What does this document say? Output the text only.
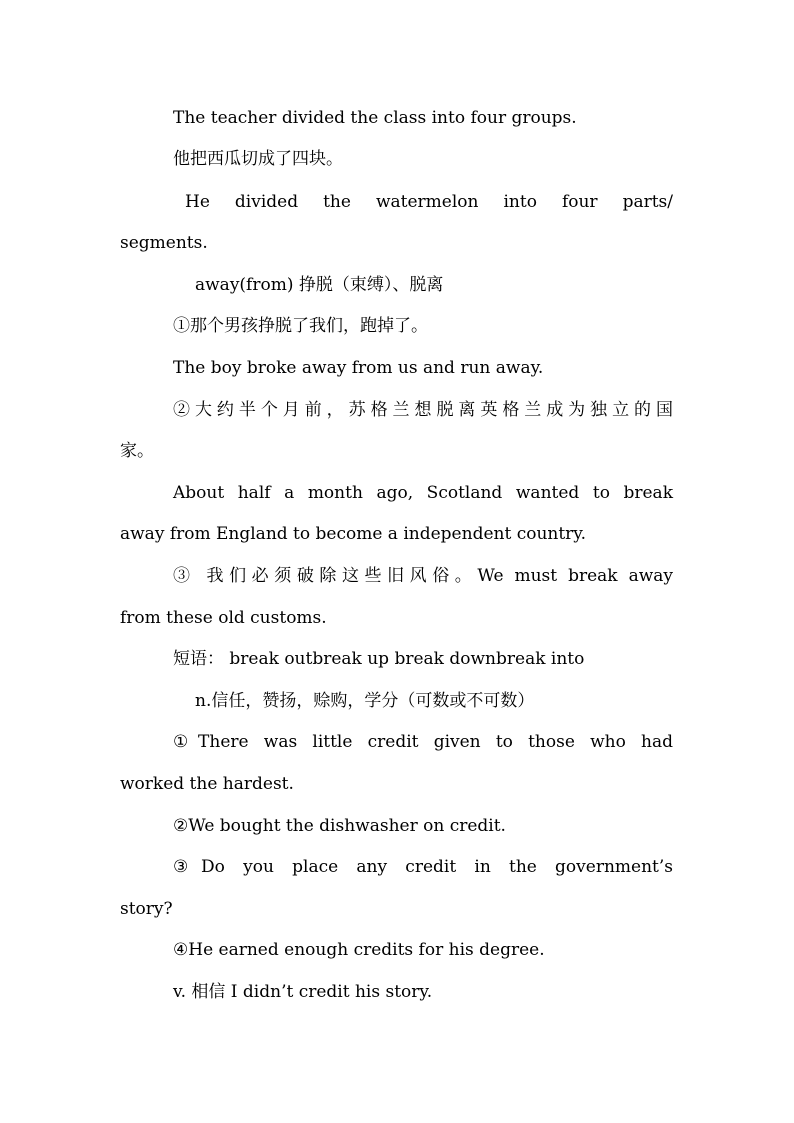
The teacher divided the class into four groups.
他把西瓜切成了四块。
He divided the watermelon into four parts/
segments.
away(from) 挣脱（束缚）、脱离
①那个男孩挣脱了我们，跑掉了。
The boy broke away from us and run away.
②大约半个月前，苏格兰想脱离英格兰成为独立的国
家。
About half a month ago, Scotland wanted to break
away from England to become a independent country.
③ 我们必须破除这些旧风俗。We must break away
from these old customs.
短语： break outbreak up break downbreak into
n.信任，赞扬，赊购，学分（可数或不可数）
①There was little credit given to those who had
worked the hardest.
②We bought the dishwasher on credit.
③Do you place any credit in the government’s
story?
④He earned enough credits for his degree.
v. 相信 I didn’t credit his story.
